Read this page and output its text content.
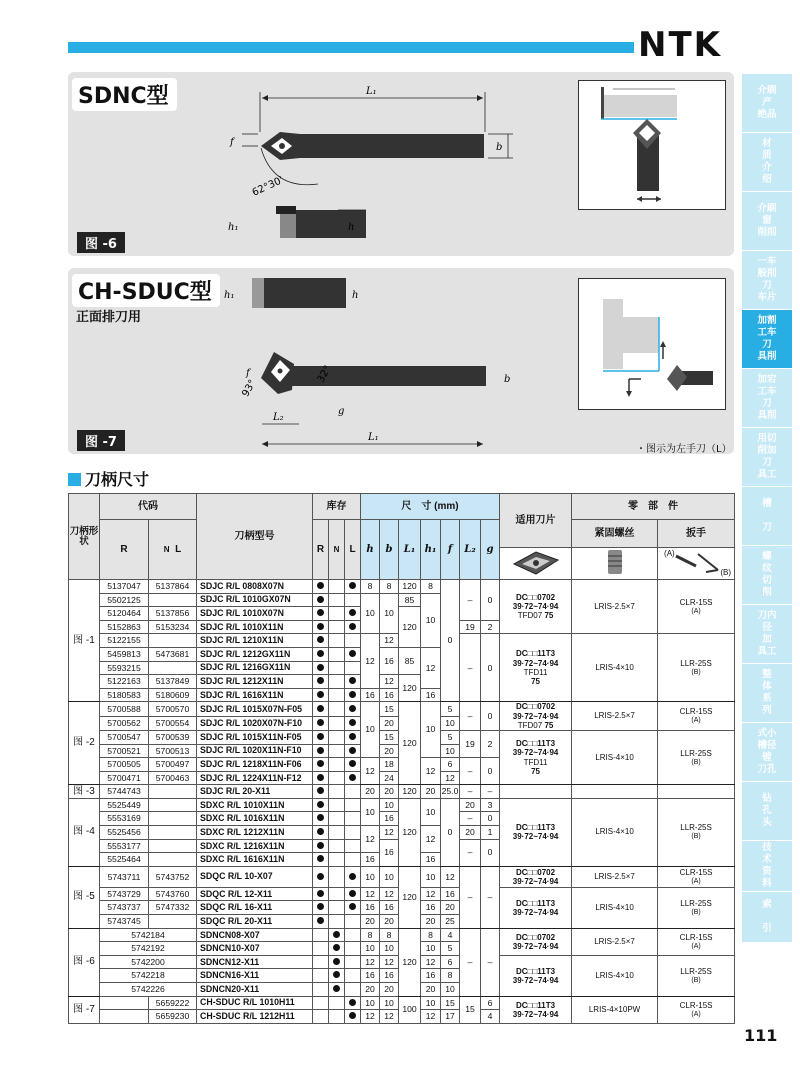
NTK
SDNC型	L₁
f	b
62°30'
h₁	h
图 -6
CH-SDUC型
正面排刀用
h₁	h
f
93°
32°	b
g
L₂
L₁
图 -7	・图示为左手刀（L）
刀柄尺寸
刀柄形状	代码		刀柄型号	库存			尺　寸 (mm)							适用刀片	零　部　件	
	R	N L		R	N	L	h	b	L₁	h₁	f	L₂	g		紧固螺丝	扳手

(A)
(B)

图 -1	5137047	5137864	SDJC R/L 0808X07N				8	8	120	8	0	–	0	DC□□0702
39·72~74·94
TFD07 75	LRIS-2.5×7	CLR-15S
(A)
	5502125		SDJC R/L 1010GX07N				10	10	85	10						
	5120464	5137856	SDJC R/L 1010X07N						120							
	5152863	5153234	SDJC R/L 1010X11N									19	2			
	5122155		SDJC R/L 1210X11N				12	12				–	0	DC□□11T3
39·72~74·94
TFD11
75	LRIS-4×10	LLR-25S
(B)
	5459813	5473681	SDJC R/L 1212GX11N					16	85	12						
	5593215		SDJC R/L 1216GX11N													
	5122163	5137849	SDJC R/L 1212X11N					12	120							
	5180583	5180609	SDJC R/L 1616X11N				16	16		16						
图 -2	5700588	5700570	SDJC R/L 1015X07N-F05				10	15	120	10	5	–	0	DC□□0702
39·72~74·94
TFD07 75	LRIS-2.5×7	CLR-15S
(A)
	5700562	5700554	SDJC R/L 1020X07N-F10					20			10					
	5700547	5700539	SDJC R/L 1015X11N-F05					15			5	19	2	DC□□11T3
39·72~74·94
TFD11
75	LRIS-4×10	LLR-25S
(B)
	5700521	5700513	SDJC R/L 1020X11N-F10					20			10					
	5700505	5700497	SDJC R/L 1218X11N-F06				12	18		12	6	–	0			
	5700471	5700463	SDJC R/L 1224X11N-F12					24			12					
图 -3	5744743		SDJC R/L 20-X11				20	20	120	20	25.0	–	–			
图 -4	5525449		SDXC R/L 1010X11N				10	10	120	10	0	20	3	DC□□11T3
39·72~74·94	LRIS-4×10	LLR-25S
(B)
	5553169		SDXC R/L 1016X11N					16				–	0			
	5525456		SDXC R/L 1212X11N				12	12		12		20	1			
	5553177		SDXC R/L 1216X11N					16				–	0			
	5525464		SDXC R/L 1616X11N				16			16						
图 -5	5743711	5743752	SDQC R/L 10-X07				10	10	120	10	12	–	–	DC□□0702
39·72~74·94	LRIS-2.5×7	CLR-15S
(A)
	5743729	5743760	SDQC R/L 12-X11				12	12		12	16			DC□□11T3
39·72~74·94	LRIS-4×10	LLR-25S
(B)
	5743737	5747332	SDQC R/L 16-X11				16	16		16	20					
	5743745		SDQC R/L 20-X11				20	20		20	25					
图 -6	5742184		SDNCN08-X07				8	8	120	8	4	–	–	DC□□0702
39·72~74·94	LRIS-2.5×7	CLR-15S
(A)
	5742192		SDNCN10-X07				10	10		10	5					
	5742200		SDNCN12-X11				12	12		12	6			DC□□11T3
39·72~74·94	LRIS-4×10	LLR-25S
(B)
	5742218		SDNCN16-X11				16	16		16	8					
	5742226		SDNCN20-X11				20	20		20	10					
图 -7		5659222	CH-SDUC R/L 1010H11				10	10	100	10	15	15	6	DC□□11T3
39·72~74·94	LRIS-4×10PW	CLR-15S
(A)
		5659230	CH-SDUC R/L 1212H11				12	12		12	17		4			
介刷
产
绝品
材
质
介
绍
介刷
窗
削削
一车
般削
刀
车片
加割
工车
刀
具削
加宕
工车
刀
具削
用切
削加
刀
具工
槽

刀
螺
纹
切
削
刀内
径
加
具工
整
体
系
列
式小
槽径
镗
刀孔
钻
孔
头
技
术
资
料
索

引
111
